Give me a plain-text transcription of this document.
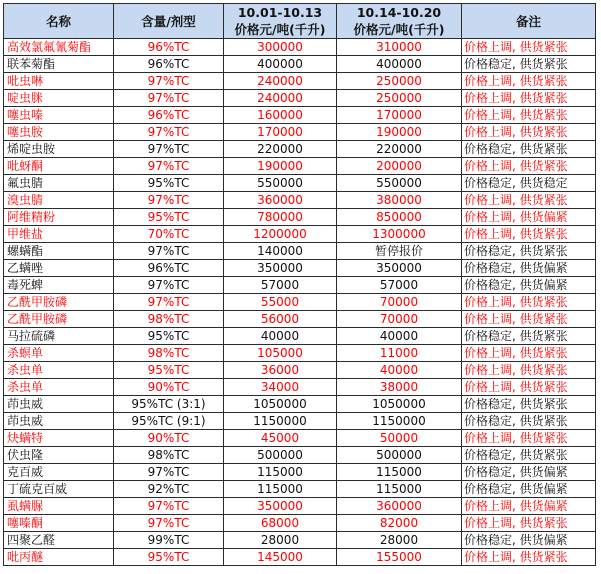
名称	含量/剂型	10.01-10.13	10.14-10.20	备注
		价格元/吨(千升)	价格元/吨(千升)	
高效氯氟氰菊酯	96%TC	300000	310000	价格上调, 供货紧张
联苯菊酯	96%TC	400000	400000	价格稳定, 供货紧张
吡虫啉	97%TC	240000	250000	价格上调, 供货紧张
啶虫脒	97%TC	240000	250000	价格上调, 供货紧张
噻虫嗪	96%TC	160000	170000	价格上调, 供货紧张
噻虫胺	97%TC	170000	190000	价格上调, 供货紧张
烯啶虫胺	97%TC	220000	220000	价格稳定, 供货紧张
吡蚜酮	97%TC	190000	200000	价格上调, 供货紧张
氟虫腈	95%TC	550000	550000	价格稳定, 供货稳定
溴虫腈	97%TC	360000	380000	价格上调, 供货紧张
阿维精粉	95%TC	780000	850000	价格上调, 供货偏紧
甲维盐	70%TC	1200000	1300000	价格上调, 供货紧张
螺螨酯	97%TC	140000	暂停报价	价格稳定, 供货紧张
乙螨唑	96%TC	350000	350000	价格稳定, 供货偏紧
毒死蜱	97%TC	57000	57000	价格稳定, 供货偏紧
乙酰甲胺磷	97%TC	55000	70000	价格上调, 供货紧张
乙酰甲胺磷	98%TC	56000	70000	价格上调, 供货紧张
马拉硫磷	95%TC	40000	40000	价格稳定, 供货紧张
杀螟单	98%TC	105000	11000	价格上调, 供货紧张
杀虫单	95%TC	36000	40000	价格上调, 供货紧张
杀虫单	90%TC	34000	38000	价格上调, 供货紧张
茚虫威	95%TC (3:1)	1050000	1050000	价格稳定, 供货紧张
茚虫威	95%TC (9:1)	1150000	1150000	价格稳定, 供货紧张
炔螨特	90%TC	45000	50000	价格上调, 供货紧张
伏虫隆	98%TC	500000	500000	价格稳定, 供货紧张
克百威	97%TC	115000	115000	价格稳定, 供货偏紧
丁硫克百威	92%TC	115000	115000	价格稳定, 供货偏紧
虱螨脲	97%TC	350000	360000	价格上调, 供货偏紧
噻嗪酮	97%TC	68000	82000	价格上调, 供货紧张
四聚乙醛	99%TC	28000	28000	价格稳定, 供货偏紧
吡丙醚	95%TC	145000	155000	价格上调, 供货紧张
